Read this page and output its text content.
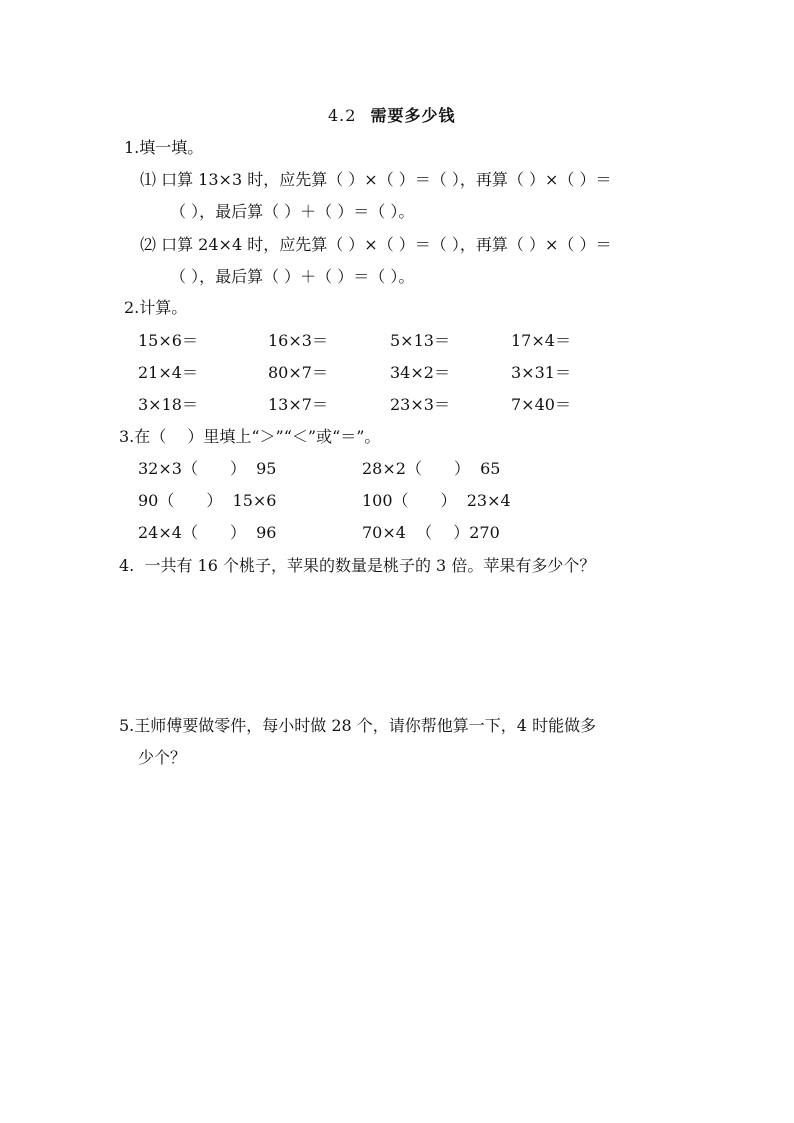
4.2 需要多少钱
1.填一填。
⑴ 口算 13×3 时，应先算（ ）×（ ）＝（ ），再算（ ）×（ ）＝
（ ），最后算（ ）＋（ ）＝（ ）。
⑵ 口算 24×4 时，应先算（ ）×（ ）＝（ ），再算（ ）×（ ）＝
（ ），最后算（ ）＋（ ）＝（ ）。
2.计算。
15×6＝	16×3＝	5×13＝	17×4＝
21×4＝	80×7＝	34×2＝	3×31＝
3×18＝	13×7＝	23×3＝	7×40＝
3.在（　 ）里填上“＞”“＜”或“＝”。
32×3（　　）  95	28×2（　　）  65
90（　　）  15×6	100（　　）  23×4
24×4（　　）  96	70×4  （　 ）270
4.  一共有 16 个桃子，苹果的数量是桃子的 3 倍。苹果有多少个？
5.王师傅要做零件，每小时做 28 个，请你帮他算一下，4 时能做多
少个？
